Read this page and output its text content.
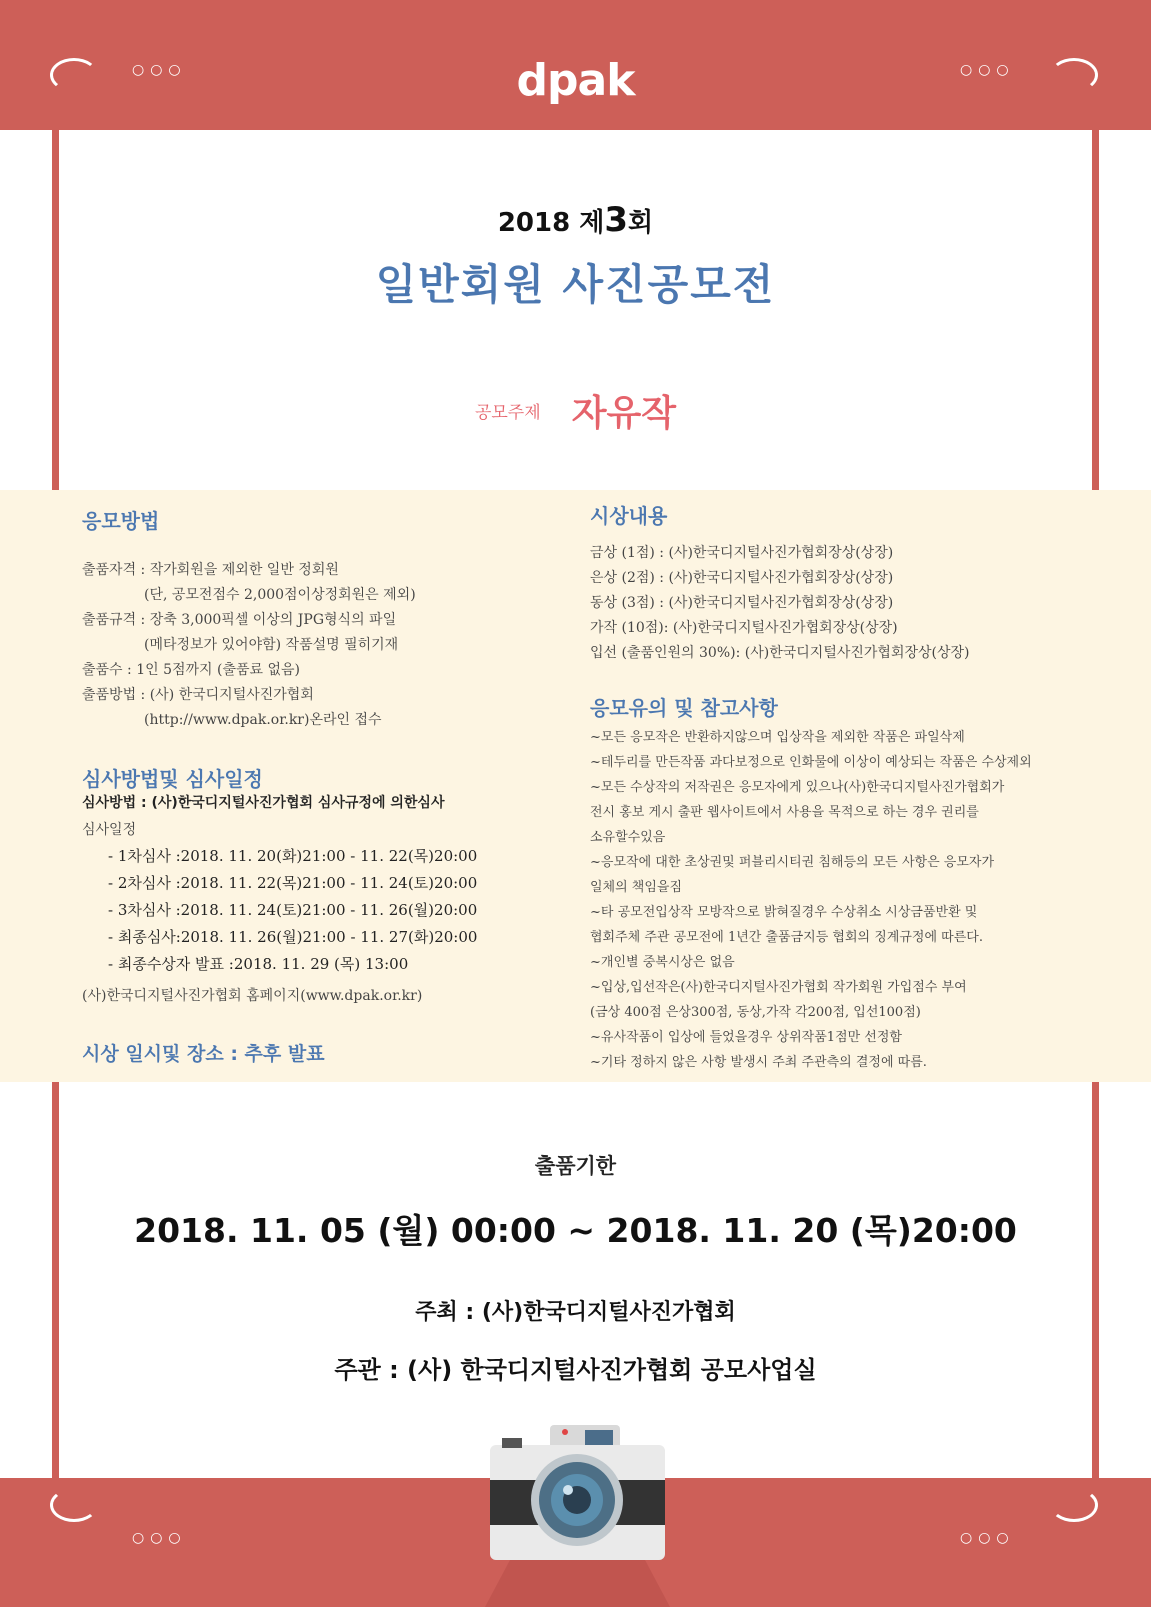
○○○	○○○
○○○	○○○
dpak
2018 제3회
일반회원 사진공모전
공모주제 자유작
응모방법
출품자격 : 작가회원을 제외한 일반 정회원
(단, 공모전점수 2,000점이상정회원은 제외)
출품규격 : 장축 3,000픽셀 이상의 JPG형식의 파일
(메타정보가 있어야함) 작품설명 필히기재
출품수 : 1인 5점까지 (출품료 없음)
출품방법 : (사) 한국디지털사진가협회
(http://www.dpak.or.kr)온라인 접수
심사방법및 심사일정
심사방법 : (사)한국디지털사진가협회 심사규정에 의한심사
심사일정
- 1차심사 :2018. 11. 20(화)21:00 - 11. 22(목)20:00
- 2차심사 :2018. 11. 22(목)21:00 - 11. 24(토)20:00
- 3차심사 :2018. 11. 24(토)21:00 - 11. 26(월)20:00
- 최종심사:2018. 11. 26(월)21:00 - 11. 27(화)20:00
- 최종수상자 발표 :2018. 11. 29 (목) 13:00
(사)한국디지털사진가협회 홈페이지(www.dpak.or.kr)
시상 일시및 장소 : 추후 발표
시상내용
금상 (1점) : (사)한국디지털사진가협회장상(상장)
은상 (2점) : (사)한국디지털사진가협회장상(상장)
동상 (3점) : (사)한국디지털사진가협회장상(상장)
가작 (10점): (사)한국디지털사진가협회장상(상장)
입선 (출품인원의 30%): (사)한국디지털사진가협회장상(상장)
응모유의 및 참고사항
~모든 응모작은 반환하지않으며 입상작을 제외한 작품은 파일삭제
~테두리를 만든작품 과다보정으로 인화물에 이상이 예상되는 작품은 수상제외
~모든 수상작의 저작권은 응모자에게 있으나(사)한국디지털사진가협회가
전시 홍보 게시 출판 웹사이트에서 사용을 목적으로 하는 경우 권리를
소유할수있음
~응모작에 대한 초상권및 퍼블리시티권 침해등의 모든 사항은 응모자가
일체의 책임을짐
~타 공모전입상작 모방작으로 밝혀질경우 수상취소 시상금품반환 및
협회주체 주관 공모전에 1년간 출품금지등 협회의 징계규정에 따른다.
~개인별 중복시상은 없음
~입상,입선작은(사)한국디지털사진가협회 작가회원 가입점수 부여
(금상 400점 은상300점, 동상,가작 각200점, 입선100점)
~유사작품이 입상에 들었을경우 상위작품1점만 선정함
~기타 정하지 않은 사항 발생시 주최 주관측의 결정에 따름.
출품기한
2018. 11. 05 (월) 00:00 ~ 2018. 11. 20 (목)20:00
주최 : (사)한국디지털사진가협회
주관 : (사) 한국디지털사진가협회 공모사업실
